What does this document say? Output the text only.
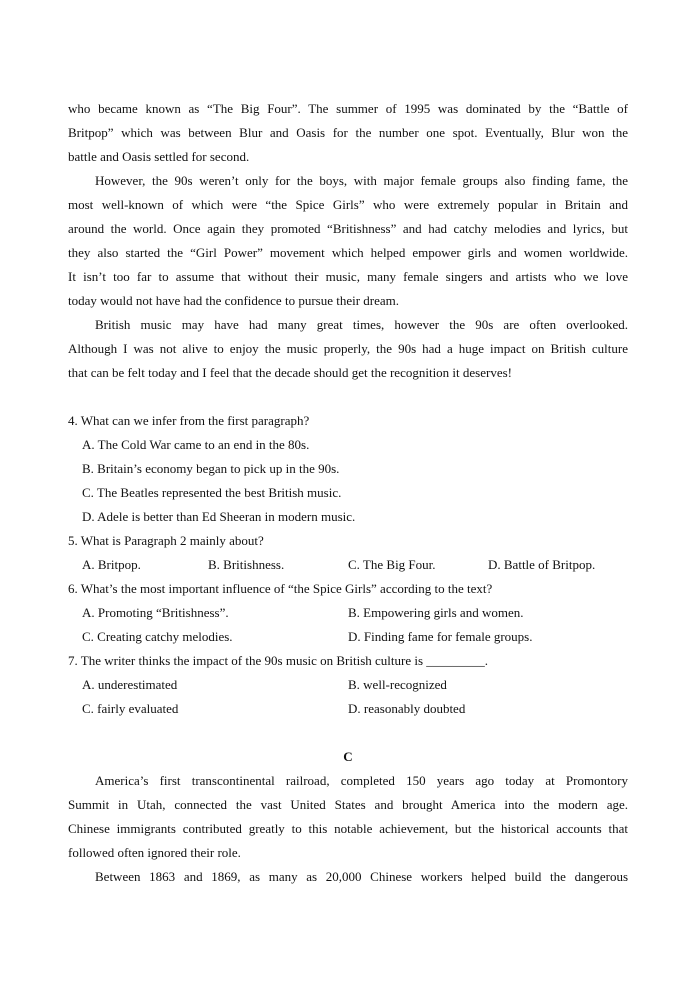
who became known as “The Big Four”. The summer of 1995 was dominated by the “Battle of
Britpop” which was between Blur and Oasis for the number one spot. Eventually, Blur won the
battle and Oasis settled for second.
However, the 90s weren’t only for the boys, with major female groups also finding fame, the
most well-known of which were “the Spice Girls” who were extremely popular in Britain and
around the world. Once again they promoted “Britishness” and had catchy melodies and lyrics, but
they also started the “Girl Power” movement which helped empower girls and women worldwide.
It isn’t too far to assume that without their music, many female singers and artists who we love
today would not have had the confidence to pursue their dream.
British music may have had many great times, however the 90s are often overlooked.
Although I was not alive to enjoy the music properly, the 90s had a huge impact on British culture
that can be felt today and I feel that the decade should get the recognition it deserves!
4. What can we infer from the first paragraph?
A. The Cold War came to an end in the 80s.
B. Britain’s economy began to pick up in the 90s.
C. The Beatles represented the best British music.
D. Adele is better than Ed Sheeran in modern music.
5. What is Paragraph 2 mainly about?
A. Britpop.	B. Britishness.	C. The Big Four.	D. Battle of Britpop.
6. What’s the most important influence of “the Spice Girls” according to the text?
A. Promoting “Britishness”.	B. Empowering girls and women.
C. Creating catchy melodies.	D. Finding fame for female groups.
7. The writer thinks the impact of the 90s music on British culture is _________.
A. underestimated	B. well-recognized
C. fairly evaluated	D. reasonably doubted
C
America’s first transcontinental railroad, completed 150 years ago today at Promontory
Summit in Utah, connected the vast United States and brought America into the modern age.
Chinese immigrants contributed greatly to this notable achievement, but the historical accounts that
followed often ignored their role.
Between 1863 and 1869, as many as 20,000 Chinese workers helped build the dangerous
